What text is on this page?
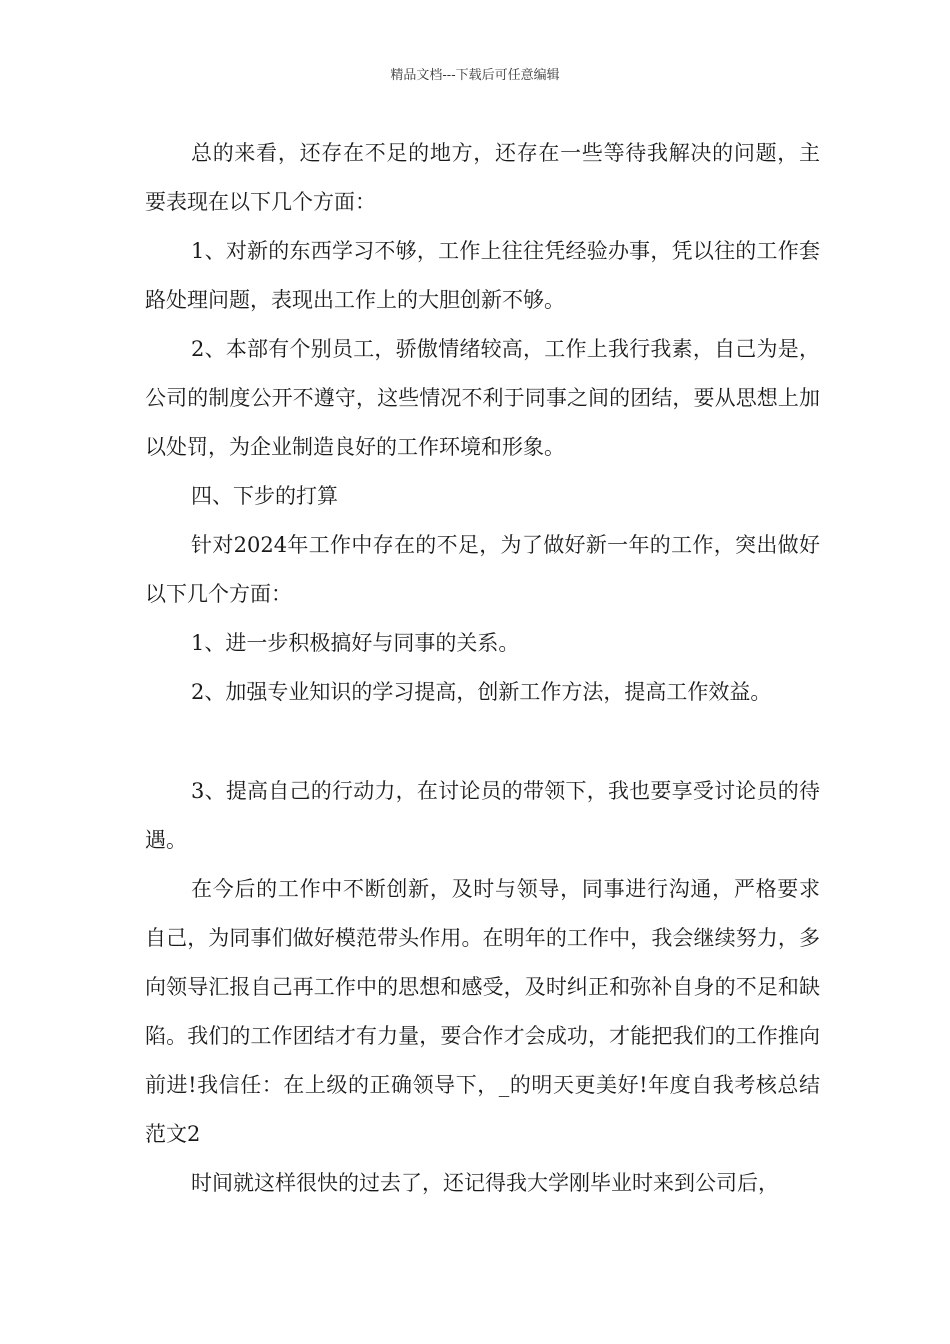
精品文档---下载后可任意编辑

总的来看，还存在不足的地方，还存在一些等待我解决的问题，主要表现在以下几个方面：

1、对新的东西学习不够，工作上往往凭经验办事，凭以往的工作套路处理问题，表现出工作上的大胆创新不够。

2、本部有个别员工，骄傲情绪较高，工作上我行我素，自己为是，公司的制度公开不遵守，这些情况不利于同事之间的团结，要从思想上加以处罚，为企业制造良好的工作环境和形象。

四、下步的打算

针对2024年工作中存在的不足，为了做好新一年的工作，突出做好以下几个方面：

1、进一步积极搞好与同事的关系。

2、加强专业知识的学习提高，创新工作方法，提高工作效益。

3、提高自己的行动力，在讨论员的带领下，我也要享受讨论员的待遇。

在今后的工作中不断创新，及时与领导，同事进行沟通，严格要求自己，为同事们做好模范带头作用。在明年的工作中，我会继续努力，多向领导汇报自己再工作中的思想和感受，及时纠正和弥补自身的不足和缺陷。我们的工作团结才有力量，要合作才会成功，才能把我们的工作推向前进!我信任：在上级的正确领导下，_的明天更美好!年度自我考核总结范文2

时间就这样很快的过去了，还记得我大学刚毕业时来到公司后，
